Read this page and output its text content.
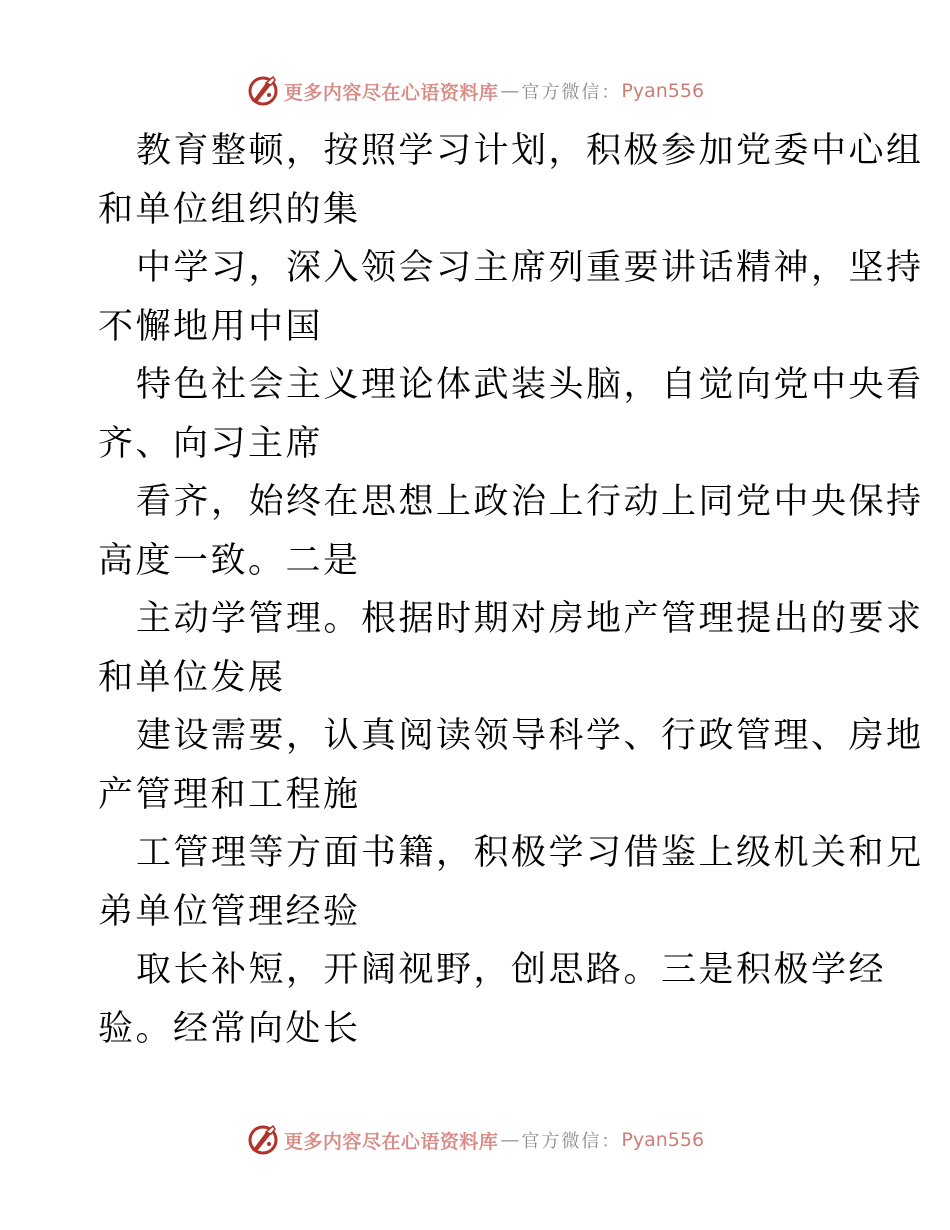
更多内容尽在心语资料库 — 官方微信： Pyan556

教育整顿，按照学习计划，积极参加党委中心组
和单位组织的集

中学习，深入领会习主席列重要讲话精神，坚持
不懈地用中国

特色社会主义理论体武装头脑，自觉向党中央看
齐、向习主席

看齐，始终在思想上政治上行动上同党中央保持
高度一致。二是

主动学管理。根据时期对房地产管理提出的要求
和单位发展

建设需要，认真阅读领导科学、行政管理、房地
产管理和工程施

工管理等方面书籍，积极学习借鉴上级机关和兄
弟单位管理经验

取长补短，开阔视野，创思路。三是积极学经
验。经常向处长

更多内容尽在心语资料库 — 官方微信： Pyan556
